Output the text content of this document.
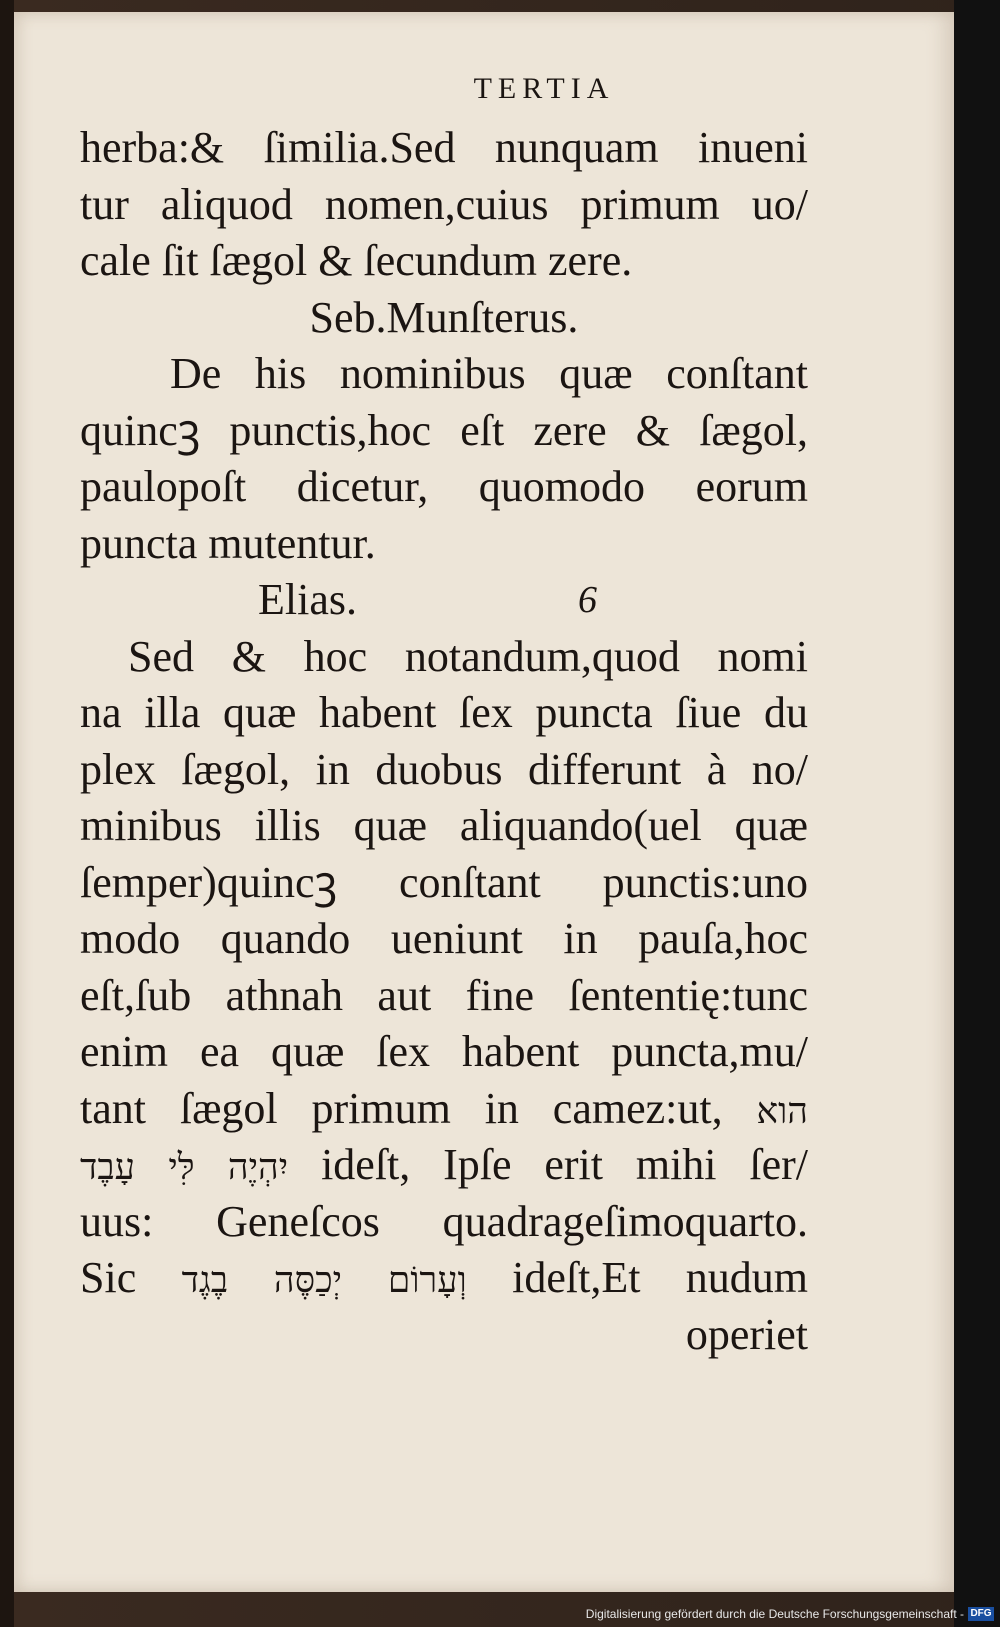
TERTIA
herba:& ſimilia.Sed nunquam inueni
tur aliquod nomen,cuius primum uo/
cale ſit ſægol & ſecundum zere.
Seb.Munſterus.
De his nominibus quæ conſtant
quincꝫ punctis,hoc eſt zere & ſægol,
paulopoſt dicetur, quomodo eorum
puncta mutentur.
Elias.	6
Sed & hoc notandum,quod nomi
na illa quæ habent ſex puncta ſiue du
plex ſægol, in duobus differunt à no/
minibus illis quæ aliquando(uel quæ
ſemper)quincꝫ conſtant punctis:uno
modo quando ueniunt in pauſa,hoc
eſt,ſub athnah aut fine ſententię:tunc
enim ea quæ ſex habent puncta,mu/
tant ſægol primum in camez:ut, הוא
יִהְיֶה לִּי עָבֶד ideſt, Ipſe erit mihi ſer/
uus: Geneſcos quadrageſimoquarto.
Sic וְעָרוֹם יְכַסֶּה בֶגֶד ideſt,Et nudum
operiet
Digitalisierung gefördert durch die Deutsche Forschungsgemeinschaft - DFG
